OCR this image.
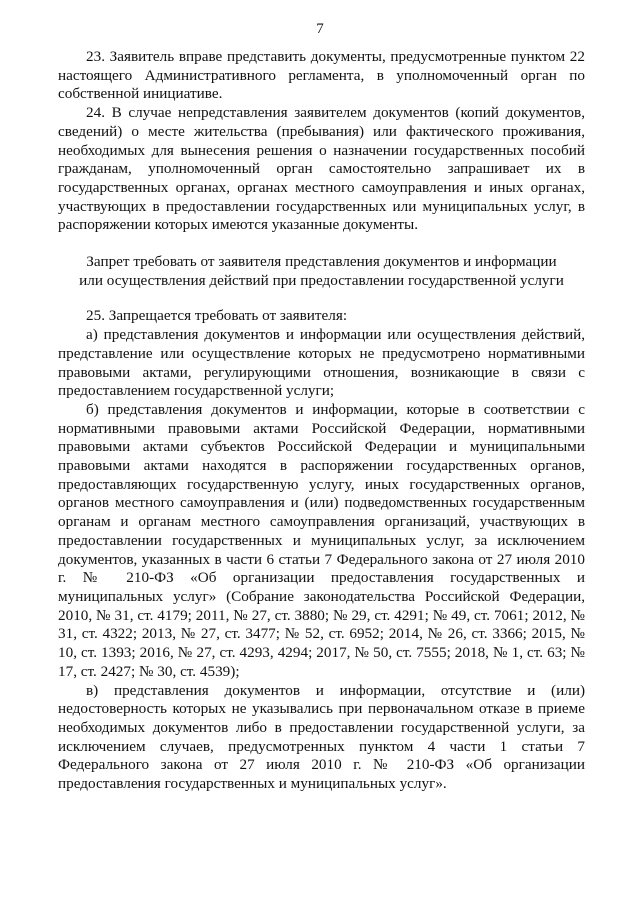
7

23. Заявитель вправе представить документы, предусмотренные пунктом 22 настоящего Административного регламента, в уполномоченный орган по собственной инициативе.

24. В случае непредставления заявителем документов (копий документов, сведений) о месте жительства (пребывания) или фактического проживания, необходимых для вынесения решения о назначении государственных пособий гражданам, уполномоченный орган самостоятельно запрашивает их в государственных органах, органах местного самоуправления и иных органах, участвующих в предоставлении государственных или муниципальных услуг, в распоряжении которых имеются указанные документы.

Запрет требовать от заявителя представления документов и информации
или осуществления действий при предоставлении государственной услуги

25. Запрещается требовать от заявителя:

а) представления документов и информации или осуществления действий, представление или осуществление которых не предусмотрено нормативными правовыми актами, регулирующими отношения, возникающие в связи с предоставлением государственной услуги;

б) представления документов и информации, которые в соответствии с нормативными правовыми актами Российской Федерации, нормативными правовыми актами субъектов Российской Федерации и муниципальными правовыми актами находятся в распоряжении государственных органов, предоставляющих государственную услугу, иных государственных органов, органов местного самоуправления и (или) подведомственных государственным органам и органам местного самоуправления организаций, участвующих в предоставлении государственных и муниципальных услуг, за исключением документов, указанных в части 6 статьи 7 Федерального закона от 27 июля 2010 г. № 210-ФЗ «Об организации предоставления государственных и муниципальных услуг» (Собрание законодательства Российской Федерации, 2010, № 31, ст. 4179; 2011, № 27, ст. 3880; № 29, ст. 4291; № 49, ст. 7061; 2012, № 31, ст. 4322; 2013, № 27, ст. 3477; № 52, ст. 6952; 2014, № 26, ст. 3366; 2015, № 10, ст. 1393; 2016, № 27, ст. 4293, 4294; 2017, № 50, ст. 7555; 2018, № 1, ст. 63; № 17, ст. 2427; № 30, ст. 4539);

в) представления документов и информации, отсутствие и (или) недостоверность которых не указывались при первоначальном отказе в приеме необходимых документов либо в предоставлении государственной услуги, за исключением случаев, предусмотренных пунктом 4 части 1 статьи 7 Федерального закона от 27 июля 2010 г. № 210-ФЗ «Об организации предоставления государственных и муниципальных услуг».
